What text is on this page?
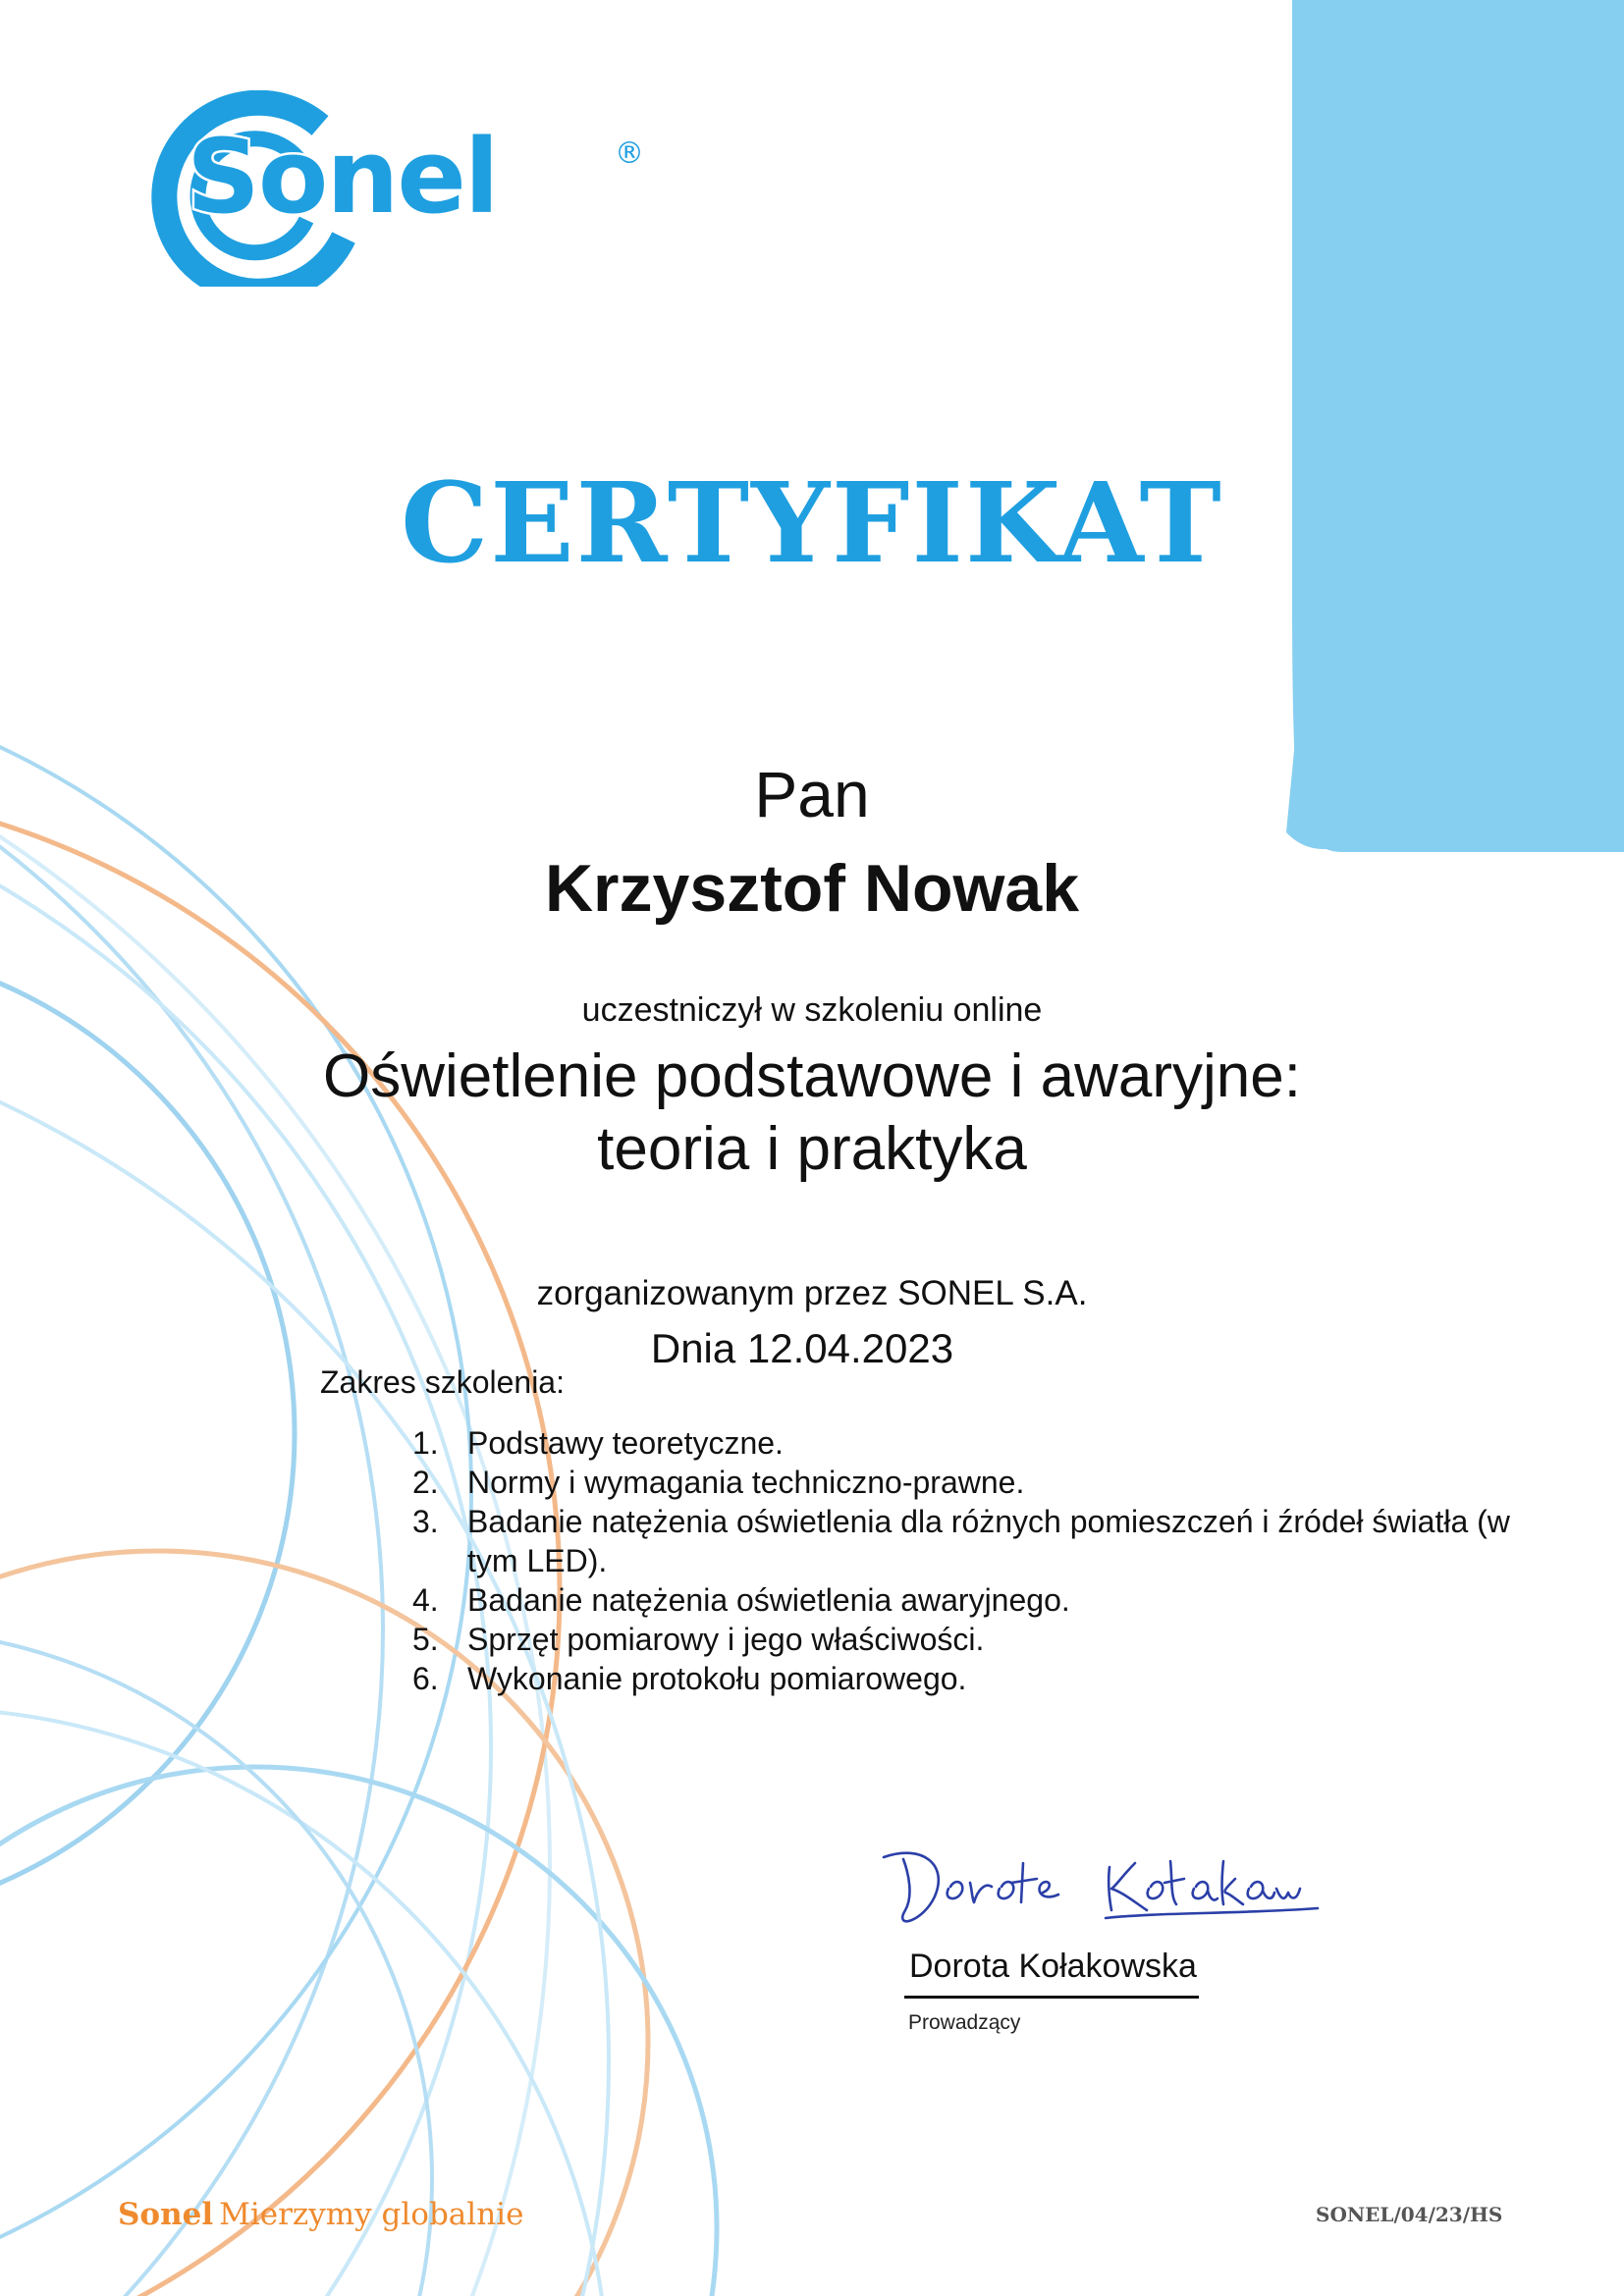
Sonel	®
CERTYFIKAT
Pan
Krzysztof Nowak
uczestniczył w szkoleniu online
Oświetlenie podstawowe i awaryjne:
teoria i praktyka
zorganizowanym przez SONEL S.A.
Dnia 12.04.2023
Zakres szkolenia:
1. Podstawy teoretyczne.
2. Normy i wymagania techniczno-prawne.
3. Badanie natężenia oświetlenia dla różnych pomieszczeń i źródeł światła (w tym LED).
4. Badanie natężenia oświetlenia awaryjnego.
5. Sprzęt pomiarowy i jego właściwości.
6. Wykonanie protokołu pomiarowego.
Dorota Kołakowska
Prowadzący
Sonel Mierzymy globalnie	SONEL/04/23/HS
